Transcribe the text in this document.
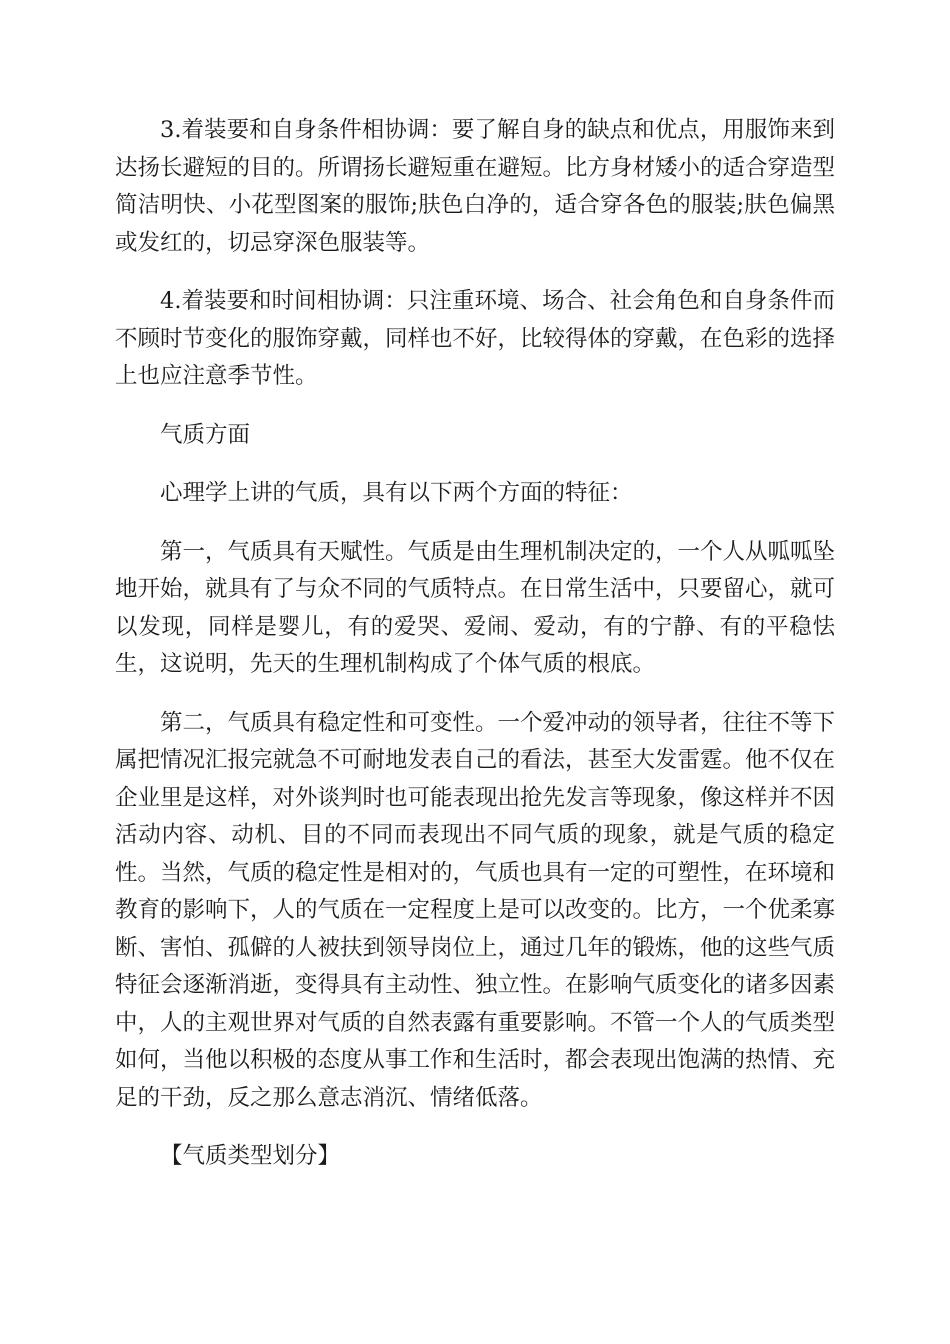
3.着装要和自身条件相协调：要了解自身的缺点和优点，用服饰来到达扬长避短的目的。所谓扬长避短重在避短。比方身材矮小的适合穿造型简洁明快、小花型图案的服饰;肤色白净的，适合穿各色的服装;肤色偏黑或发红的，切忌穿深色服装等。

4.着装要和时间相协调：只注重环境、场合、社会角色和自身条件而不顾时节变化的服饰穿戴，同样也不好，比较得体的穿戴，在色彩的选择上也应注意季节性。

气质方面

心理学上讲的气质，具有以下两个方面的特征：

第一，气质具有天赋性。气质是由生理机制决定的，一个人从呱呱坠地开始，就具有了与众不同的气质特点。在日常生活中，只要留心，就可以发现，同样是婴儿，有的爱哭、爱闹、爱动，有的宁静、有的平稳怯生，这说明，先天的生理机制构成了个体气质的根底。

第二，气质具有稳定性和可变性。一个爱冲动的领导者，往往不等下属把情况汇报完就急不可耐地发表自己的看法，甚至大发雷霆。他不仅在企业里是这样，对外谈判时也可能表现出抢先发言等现象，像这样并不因活动内容、动机、目的不同而表现出不同气质的现象，就是气质的稳定性。当然，气质的稳定性是相对的，气质也具有一定的可塑性，在环境和教育的影响下，人的气质在一定程度上是可以改变的。比方，一个优柔寡断、害怕、孤僻的人被扶到领导岗位上，通过几年的锻炼，他的这些气质特征会逐渐消逝，变得具有主动性、独立性。在影响气质变化的诸多因素中，人的主观世界对气质的自然表露有重要影响。不管一个人的气质类型如何，当他以积极的态度从事工作和生活时，都会表现出饱满的热情、充足的干劲，反之那么意志消沉、情绪低落。

【气质类型划分】
